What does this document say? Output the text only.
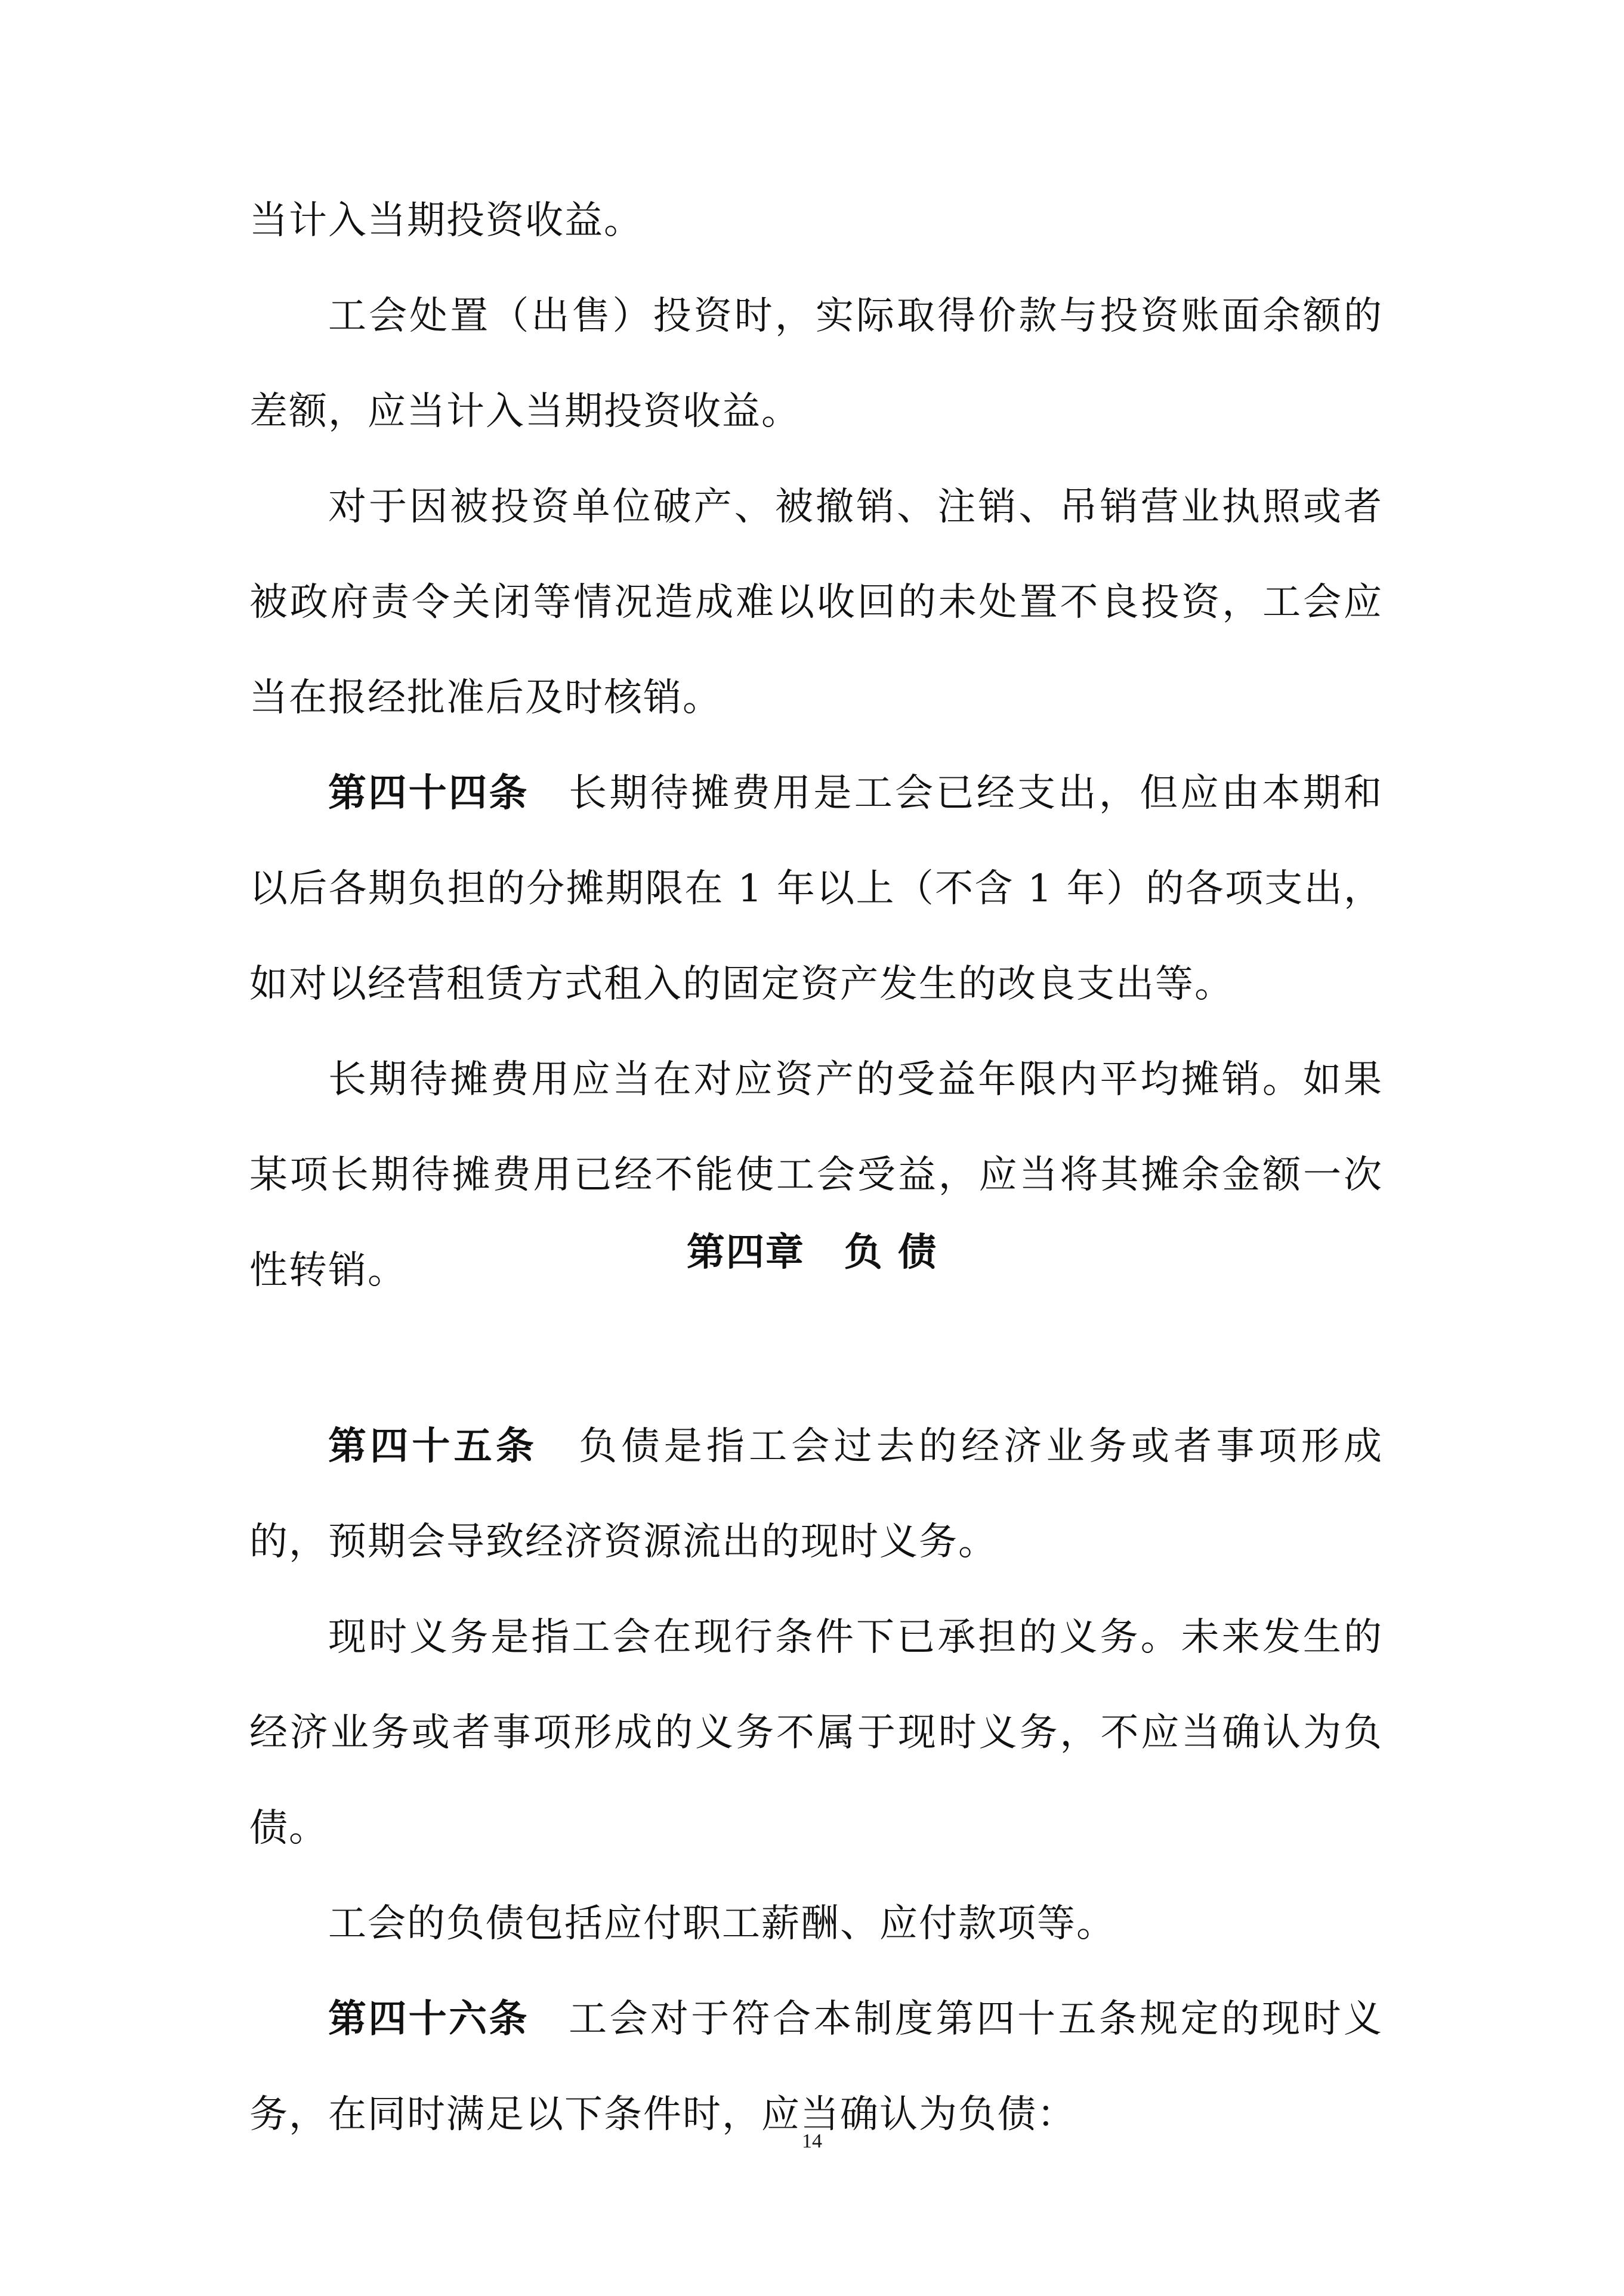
当计入当期投资收益。

工会处置（出售）投资时，实际取得价款与投资账面余额的差额，应当计入当期投资收益。

对于因被投资单位破产、被撤销、注销、吊销营业执照或者被政府责令关闭等情况造成难以收回的未处置不良投资，工会应当在报经批准后及时核销。

第四十四条 长期待摊费用是工会已经支出，但应由本期和以后各期负担的分摊期限在 1 年以上（不含 1 年）的各项支出，如对以经营租赁方式租入的固定资产发生的改良支出等。

长期待摊费用应当在对应资产的受益年限内平均摊销。如果某项长期待摊费用已经不能使工会受益，应当将其摊余金额一次性转销。	第四章　负 债

第四十五条 负债是指工会过去的经济业务或者事项形成的，预期会导致经济资源流出的现时义务。

现时义务是指工会在现行条件下已承担的义务。未来发生的经济业务或者事项形成的义务不属于现时义务，不应当确认为负债。

工会的负债包括应付职工薪酬、应付款项等。

第四十六条 工会对于符合本制度第四十五条规定的现时义务，在同时满足以下条件时，应当确认为负债：

14
